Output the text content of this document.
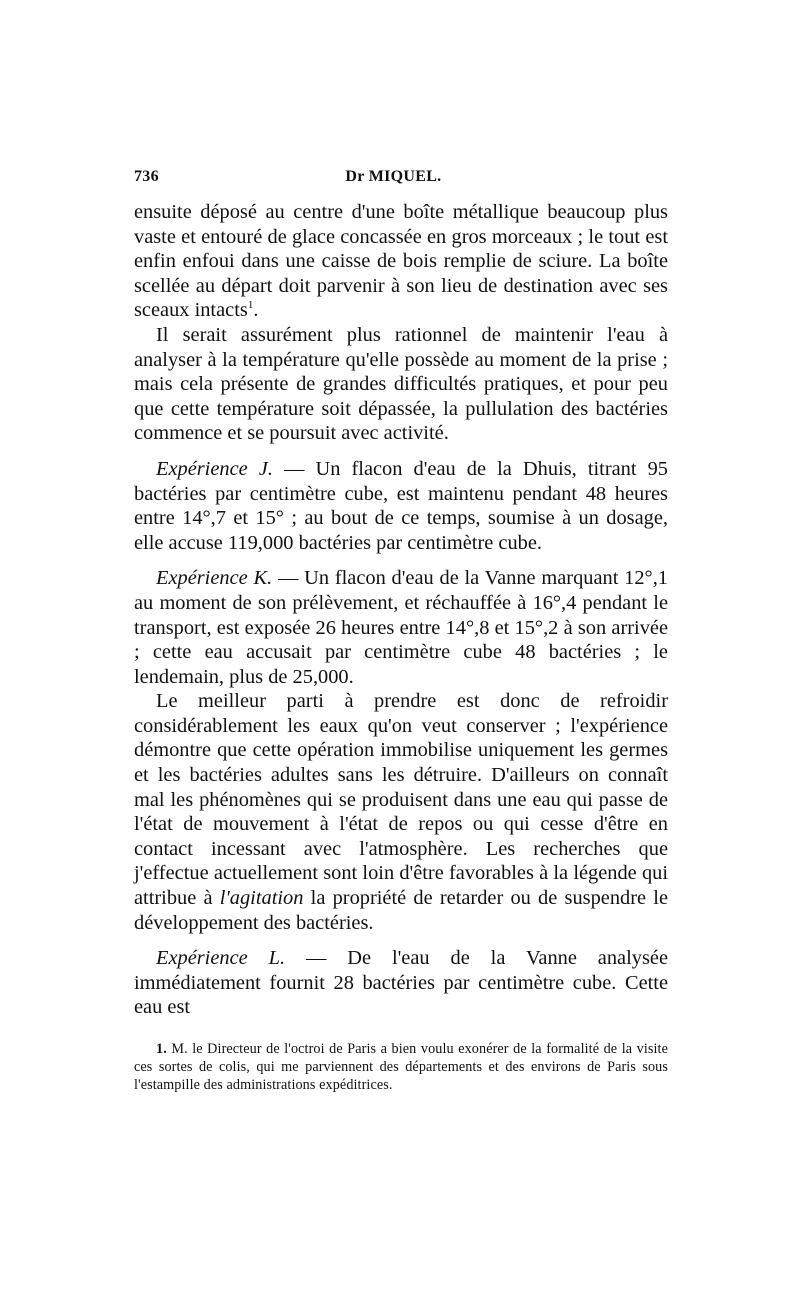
736	Dr MIQUEL.

ensuite déposé au centre d'une boîte métallique beaucoup plus vaste et entouré de glace concassée en gros morceaux ; le tout est enfin enfoui dans une caisse de bois remplie de sciure. La boîte scellée au départ doit parvenir à son lieu de destination avec ses sceaux intacts$^1$.

Il serait assurément plus rationnel de maintenir l'eau à analyser à la température qu'elle possède au moment de la prise ; mais cela présente de grandes difficultés pratiques, et pour peu que cette température soit dépassée, la pullulation des bactéries commence et se poursuit avec activité.

Expérience J. — Un flacon d'eau de la Dhuis, titrant 95 bactéries par centimètre cube, est maintenu pendant 48 heures entre 14°,7 et 15° ; au bout de ce temps, soumise à un dosage, elle accuse 119,000 bactéries par centimètre cube.

Expérience K. — Un flacon d'eau de la Vanne marquant 12°,1 au moment de son prélèvement, et réchauffée à 16°,4 pendant le transport, est exposée 26 heures entre 14°,8 et 15°,2 à son arrivée ; cette eau accusait par centimètre cube 48 bactéries ; le lendemain, plus de 25,000.

Le meilleur parti à prendre est donc de refroidir considérablement les eaux qu'on veut conserver ; l'expérience démontre que cette opération immobilise uniquement les germes et les bactéries adultes sans les détruire. D'ailleurs on connaît mal les phénomènes qui se produisent dans une eau qui passe de l'état de mouvement à l'état de repos ou qui cesse d'être en contact incessant avec l'atmosphère. Les recherches que j'effectue actuellement sont loin d'être favorables à la légende qui attribue à l'agitation la propriété de retarder ou de suspendre le développement des bactéries.

Expérience L. — De l'eau de la Vanne analysée immédiatement fournit 28 bactéries par centimètre cube. Cette eau est

1. M. le Directeur de l'octroi de Paris a bien voulu exonérer de la formalité de la visite ces sortes de colis, qui me parviennent des départements et des environs de Paris sous l'estampille des administrations expéditrices.
